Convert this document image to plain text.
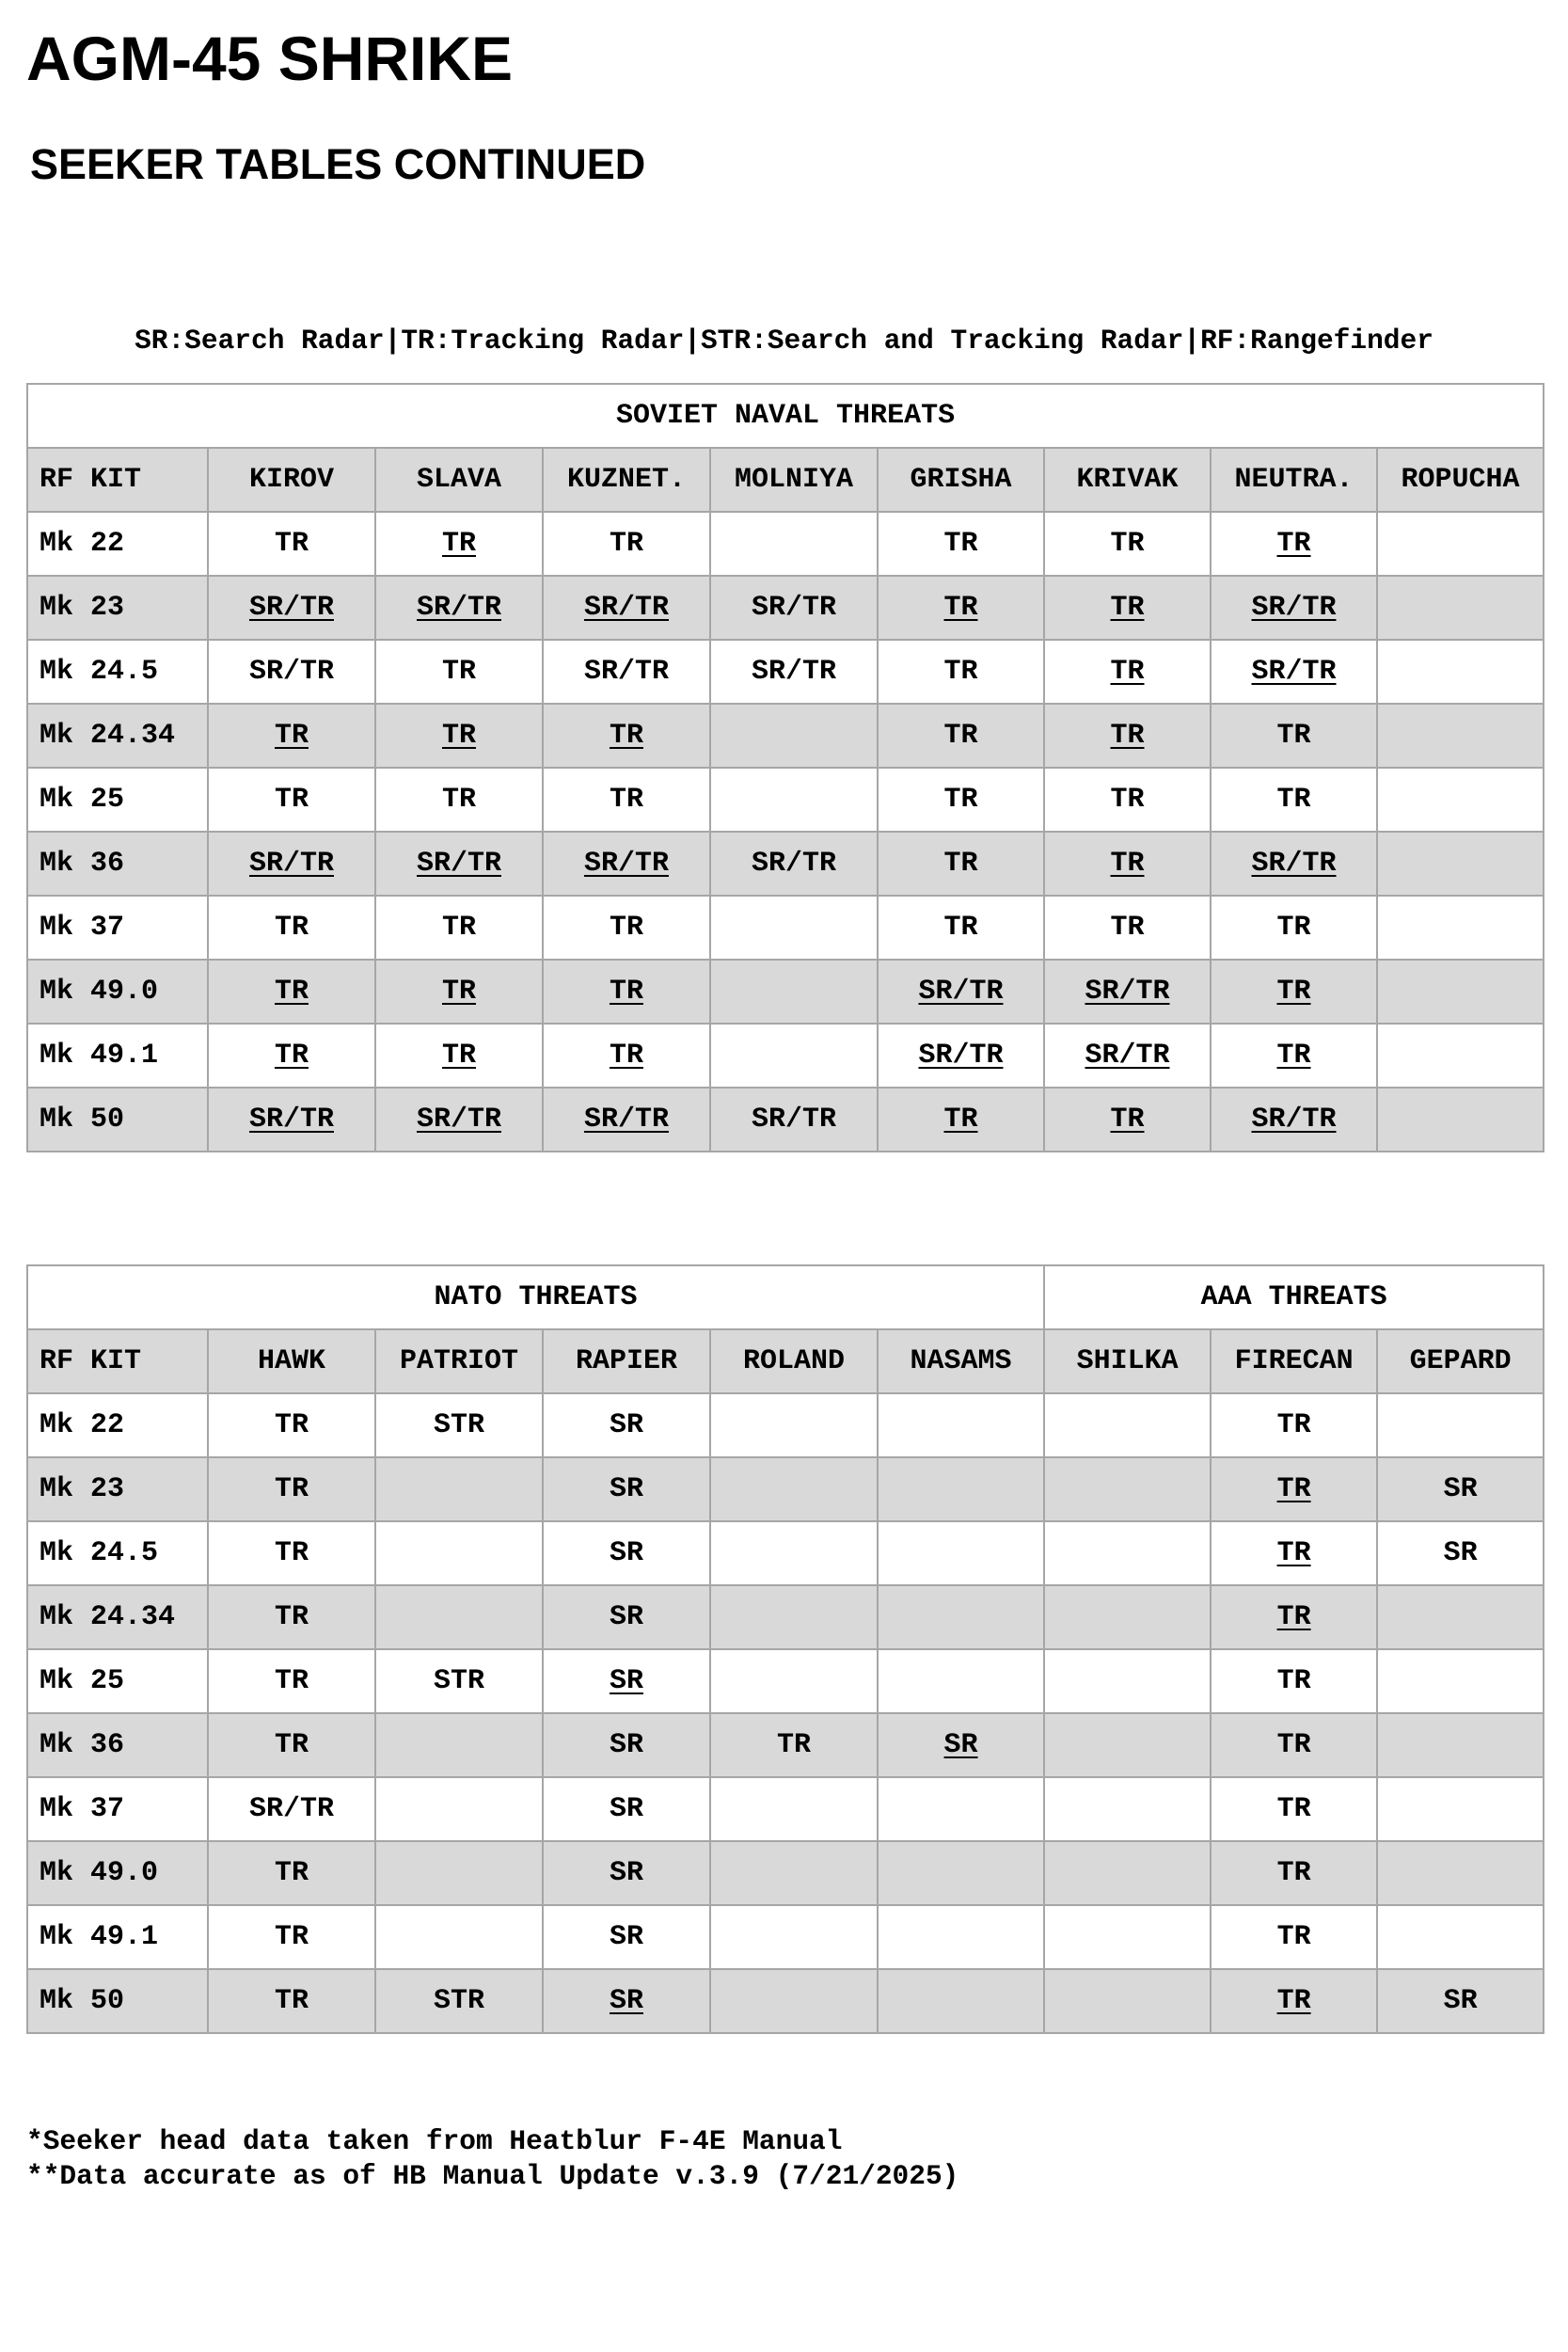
AGM-45 SHRIKE
SEEKER TABLES CONTINUED
SR:Search Radar|TR:Tracking Radar|STR:Search and Tracking Radar|RF:Rangefinder
SOVIET NAVAL THREATS								
RF KIT	KIROV	SLAVA	KUZNET.	MOLNIYA	GRISHA	KRIVAK	NEUTRA.	ROPUCHA
Mk 22	TR	TR	TR		TR	TR	TR	
Mk 23	SR/TR	SR/TR	SR/TR	SR/TR	TR	TR	SR/TR	
Mk 24.5	SR/TR	TR	SR/TR	SR/TR	TR	TR	SR/TR	
Mk 24.34	TR	TR	TR		TR	TR	TR	
Mk 25	TR	TR	TR		TR	TR	TR	
Mk 36	SR/TR	SR/TR	SR/TR	SR/TR	TR	TR	SR/TR	
Mk 37	TR	TR	TR		TR	TR	TR	
Mk 49.0	TR	TR	TR		SR/TR	SR/TR	TR	
Mk 49.1	TR	TR	TR		SR/TR	SR/TR	TR	
Mk 50	SR/TR	SR/TR	SR/TR	SR/TR	TR	TR	SR/TR	
NATO THREATS						AAA THREATS		
RF KIT	HAWK	PATRIOT	RAPIER	ROLAND	NASAMS	SHILKA	FIRECAN	GEPARD
Mk 22	TR	STR	SR				TR	
Mk 23	TR		SR				TR	SR
Mk 24.5	TR		SR				TR	SR
Mk 24.34	TR		SR				TR	
Mk 25	TR	STR	SR				TR	
Mk 36	TR		SR	TR	SR		TR	
Mk 37	SR/TR		SR				TR	
Mk 49.0	TR		SR				TR	
Mk 49.1	TR		SR				TR	
Mk 50	TR	STR	SR				TR	SR
*Seeker head data taken from Heatblur F-4E Manual
**Data accurate as of HB Manual Update v.3.9 (7/21/2025)
